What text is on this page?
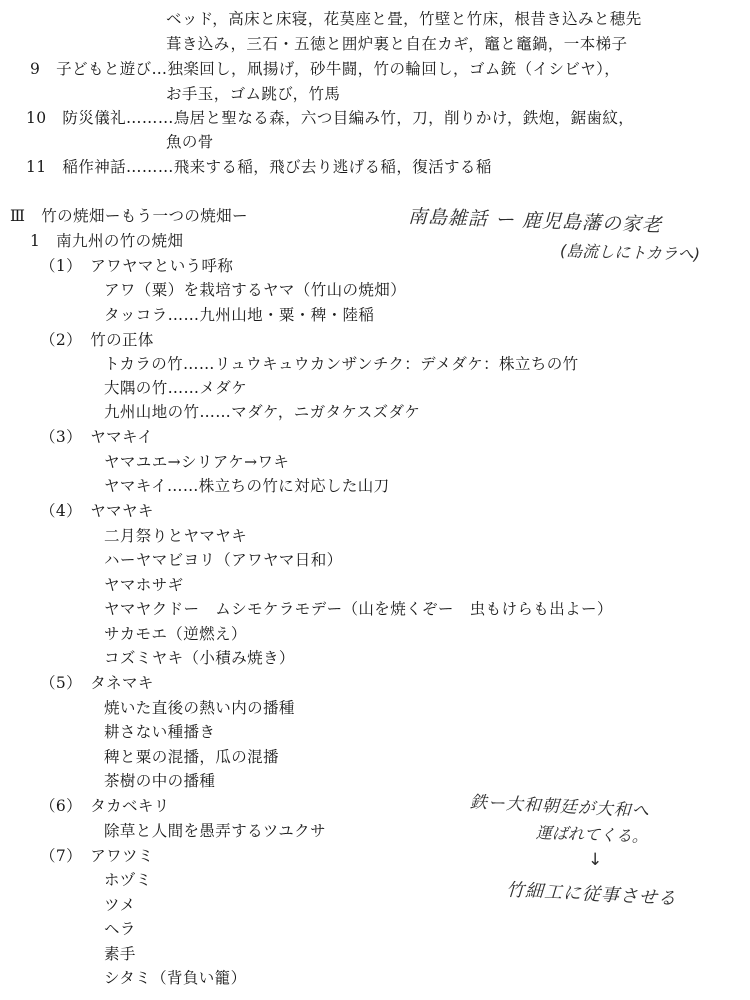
ベッド，高床と床寝，花茣座と畳，竹壁と竹床，根昔き込みと穂先
葺き込み，三石・五徳と囲炉裏と自在カギ，竈と竈鍋，一本梯子
9　子どもと遊び…独楽回し，凧揚げ，砂牛闘，竹の輪回し，ゴム銃（イシビヤ），
お手玉，ゴム跳び，竹馬
10　防災儀礼………鳥居と聖なる森，六つ目編み竹，刀，削りかけ，鉄炮，鋸歯紋，
魚の骨
11　稲作神話………飛来する稲，飛び去り逃げる稲，復活する稲
Ⅲ　竹の焼畑ーもう一つの焼畑ー
1　南九州の竹の焼畑
（1）　アワヤマという呼称
アワ（粟）を栽培するヤマ（竹山の焼畑）
タッコラ……九州山地・粟・稗・陸稲
（2）　竹の正体
トカラの竹……リュウキュウカンザンチク：デメダケ：株立ちの竹
大隅の竹……メダケ
九州山地の竹……マダケ，ニガタケスズダケ
（3）　ヤマキイ
ヤマユエ→シリアケ→ワキ
ヤマキイ……株立ちの竹に対応した山刀
（4）　ヤマヤキ
二月祭りとヤマヤキ
ハーヤマビヨリ（アワヤマ日和）
ヤマホサギ
ヤマヤクドー　ムシモケラモデー（山を焼くぞー　虫もけらも出よー）
サカモエ（逆燃え）
コズミヤキ（小積み焼き）
（5）　タネマキ
焼いた直後の熱い内の播種
耕さない種播き
稗と粟の混播，瓜の混播
茶樹の中の播種
（6）　タカベキリ
除草と人間を愚弄するツユクサ
（7）　アワツミ
ホヅミ
ツメ
ヘラ
素手
シタミ（背負い籠）
南島雑話 ー 鹿児島藩の家老
(島流しにトカラへ)
鉄ー大和朝廷が大和へ
運ばれてくる。
↓
竹細工に従事させる
